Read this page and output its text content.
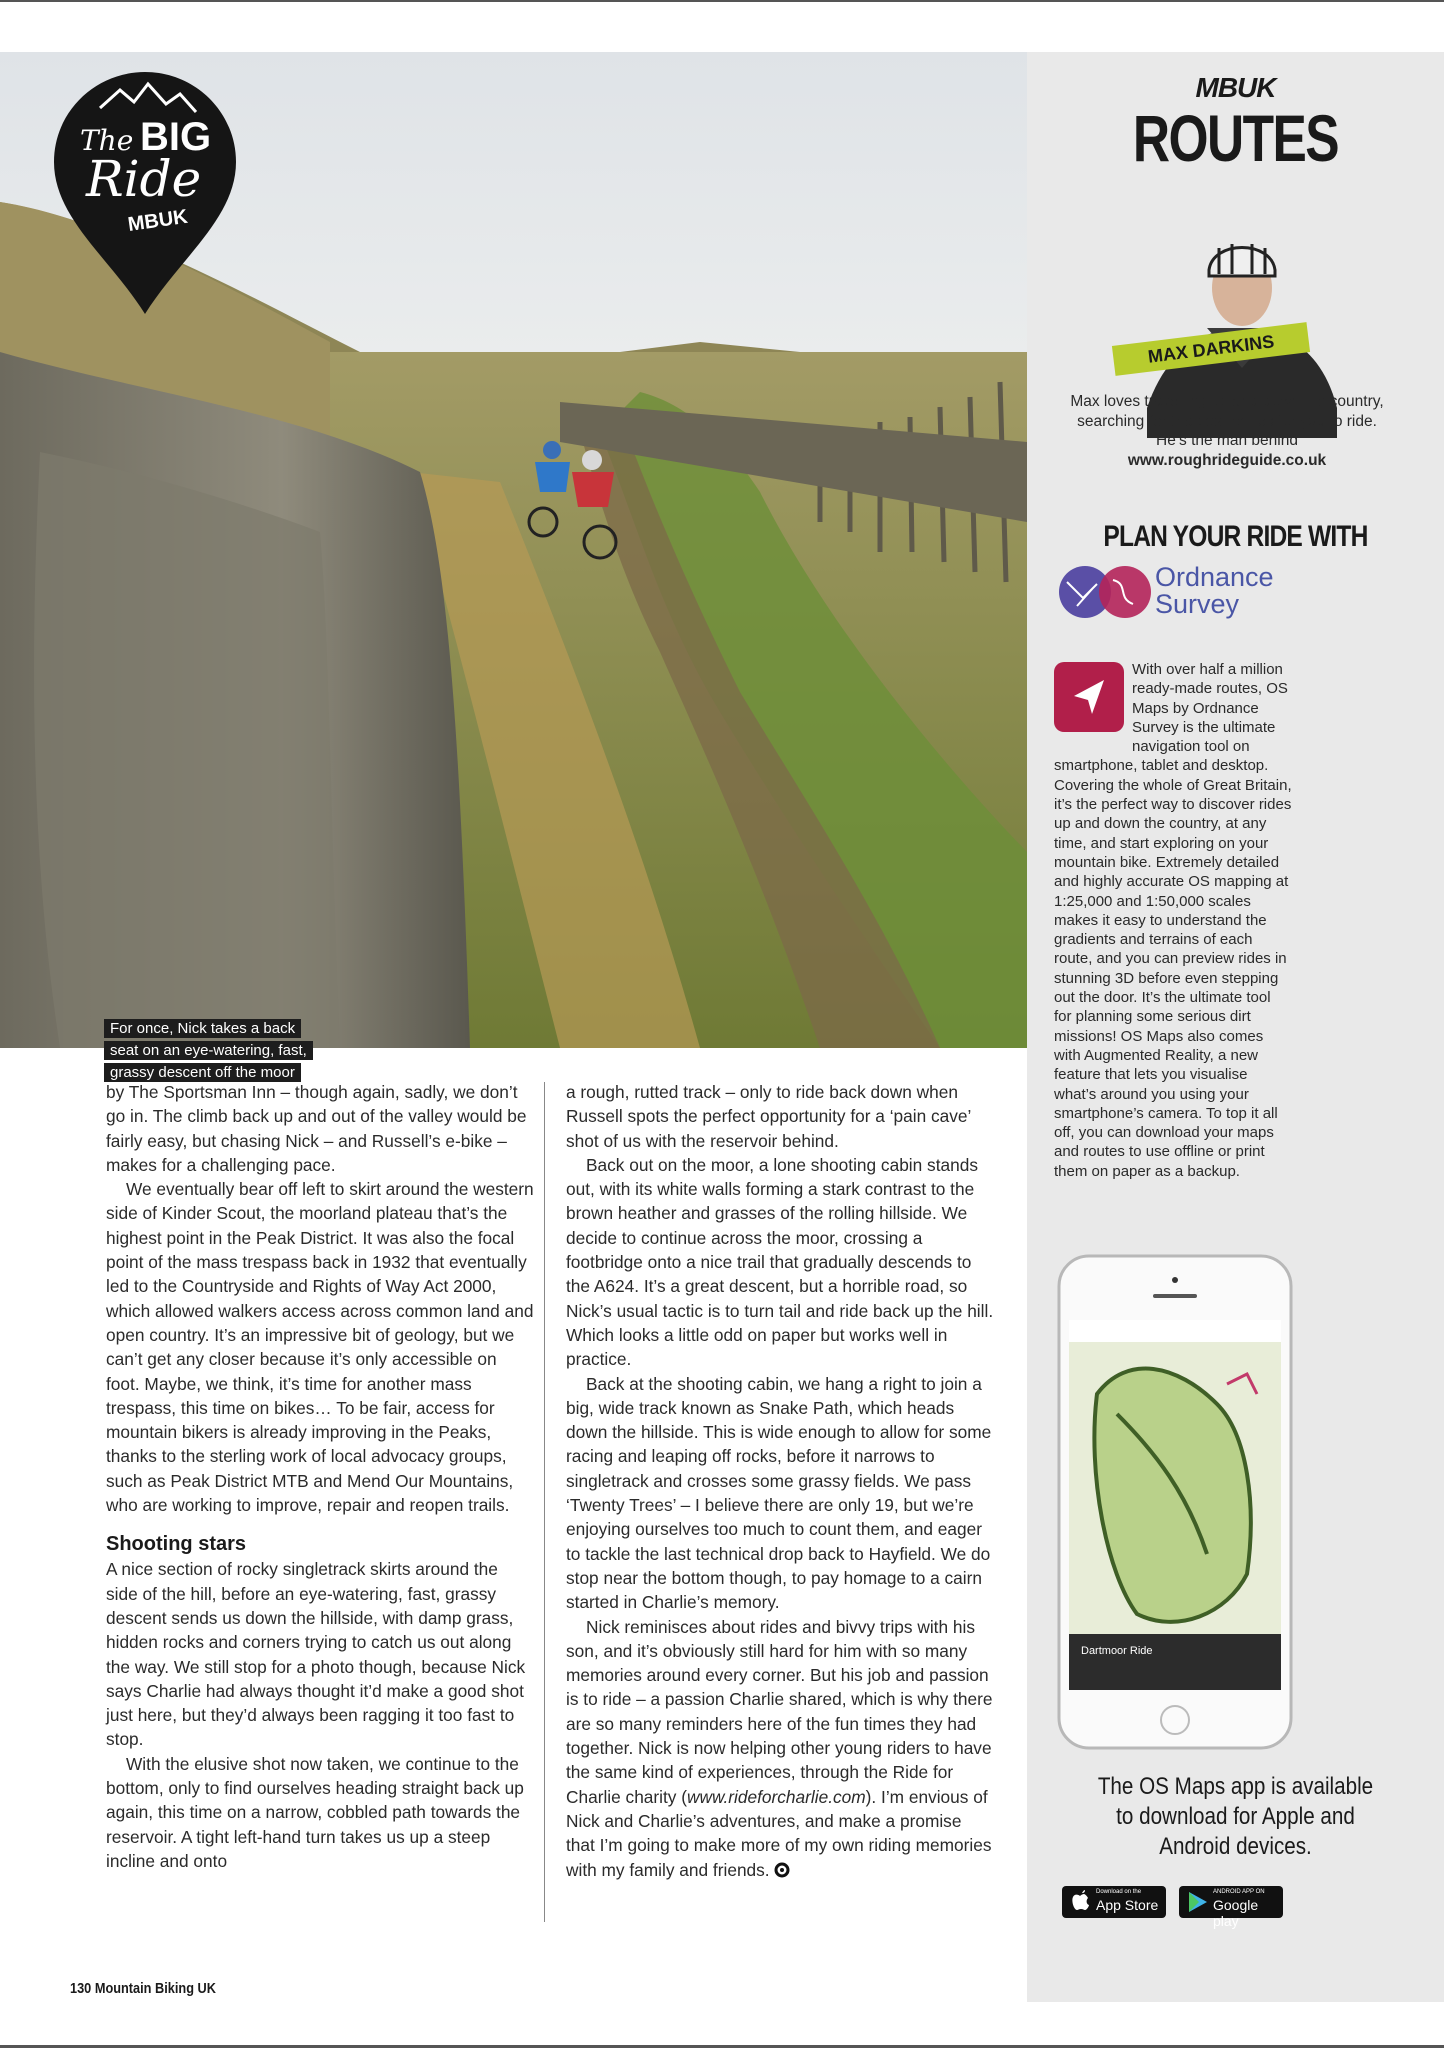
For once, Nick takes a back
seat on an eye-watering, fast,
grassy descent off the moor
The BIG
Ride
MBUK
MBUK
ROUTES
MAX DARKINS
Max loves travelling up and down the country, searching for the best routes for you to ride. He’s the man behind www.roughrideguide.co.uk
PLAN YOUR RIDE WITH
Ordnance
Survey
With over half a million ready-made routes, OS Maps by Ordnance Survey is the ultimate navigation tool on smartphone, tablet and desktop. Covering the whole of Great Britain, it’s the perfect way to discover rides up and down the country, at any time, and start exploring on your mountain bike. Extremely detailed and highly accurate OS mapping at 1:25,000 and 1:50,000 scales makes it easy to understand the gradients and terrains of each route, and you can preview rides in stunning 3D before even stepping out the door. It’s the ultimate tool for planning some serious dirt missions! OS Maps also comes with Augmented Reality, a new feature that lets you visualise what’s around you using your smartphone’s camera. To top it all off, you can download your maps and routes to use offline or print them on paper as a backup.
Dartmoor Ride
The OS Maps app is available
to download for Apple and
Android devices.
Download on the
App Store
ANDROID APP ON
Google play

by The Sportsman Inn – though again, sadly, we don’t go in. The climb back up and out of the valley would be fairly easy, but chasing Nick – and Russell’s e-bike – makes for a challenging pace.

We eventually bear off left to skirt around the western side of Kinder Scout, the moorland plateau that’s the highest point in the Peak District. It was also the focal point of the mass trespass back in 1932 that eventually led to the Countryside and Rights of Way Act 2000, which allowed walkers access across common land and open country. It’s an impressive bit of geology, but we can’t get any closer because it’s only accessible on foot. Maybe, we think, it’s time for another mass trespass, this time on bikes… To be fair, access for mountain bikers is already improving in the Peaks, thanks to the sterling work of local advocacy groups, such as Peak District MTB and Mend Our Mountains, who are working to improve, repair and reopen trails.

Shooting stars

A nice section of rocky singletrack skirts around the side of the hill, before an eye-watering, fast, grassy descent sends us down the hillside, with damp grass, hidden rocks and corners trying to catch us out along the way. We still stop for a photo though, because Nick says Charlie had always thought it’d make a good shot just here, but they’d always been ragging it too fast to stop.

With the elusive shot now taken, we continue to the bottom, only to find ourselves heading straight back up again, this time on a narrow, cobbled path towards the reservoir. A tight left-hand turn takes us up a steep incline and onto

a rough, rutted track – only to ride back down when Russell spots the perfect opportunity for a ‘pain cave’ shot of us with the reservoir behind.

Back out on the moor, a lone shooting cabin stands out, with its white walls forming a stark contrast to the brown heather and grasses of the rolling hillside. We decide to continue across the moor, crossing a footbridge onto a nice trail that gradually descends to the A624. It’s a great descent, but a horrible road, so Nick’s usual tactic is to turn tail and ride back up the hill. Which looks a little odd on paper but works well in practice.

Back at the shooting cabin, we hang a right to join a big, wide track known as Snake Path, which heads down the hillside. This is wide enough to allow for some racing and leaping off rocks, before it narrows to singletrack and crosses some grassy fields. We pass ‘Twenty Trees’ – I believe there are only 19, but we’re enjoying ourselves too much to count them, and eager to tackle the last technical drop back to Hayfield. We do stop near the bottom though, to pay homage to a cairn started in Charlie’s memory.

Nick reminisces about rides and bivvy trips with his son, and it’s obviously still hard for him with so many memories around every corner. But his job and passion is to ride – a passion Charlie shared, which is why there are so many reminders here of the fun times they had together. Nick is now helping other young riders to have the same kind of experiences, through the Ride for Charlie charity (www.rideforcharlie.com). I’m envious of Nick and Charlie’s adventures, and make a promise that I’m going to make more of my own riding memories with my family and friends.

130 Mountain Biking UK
